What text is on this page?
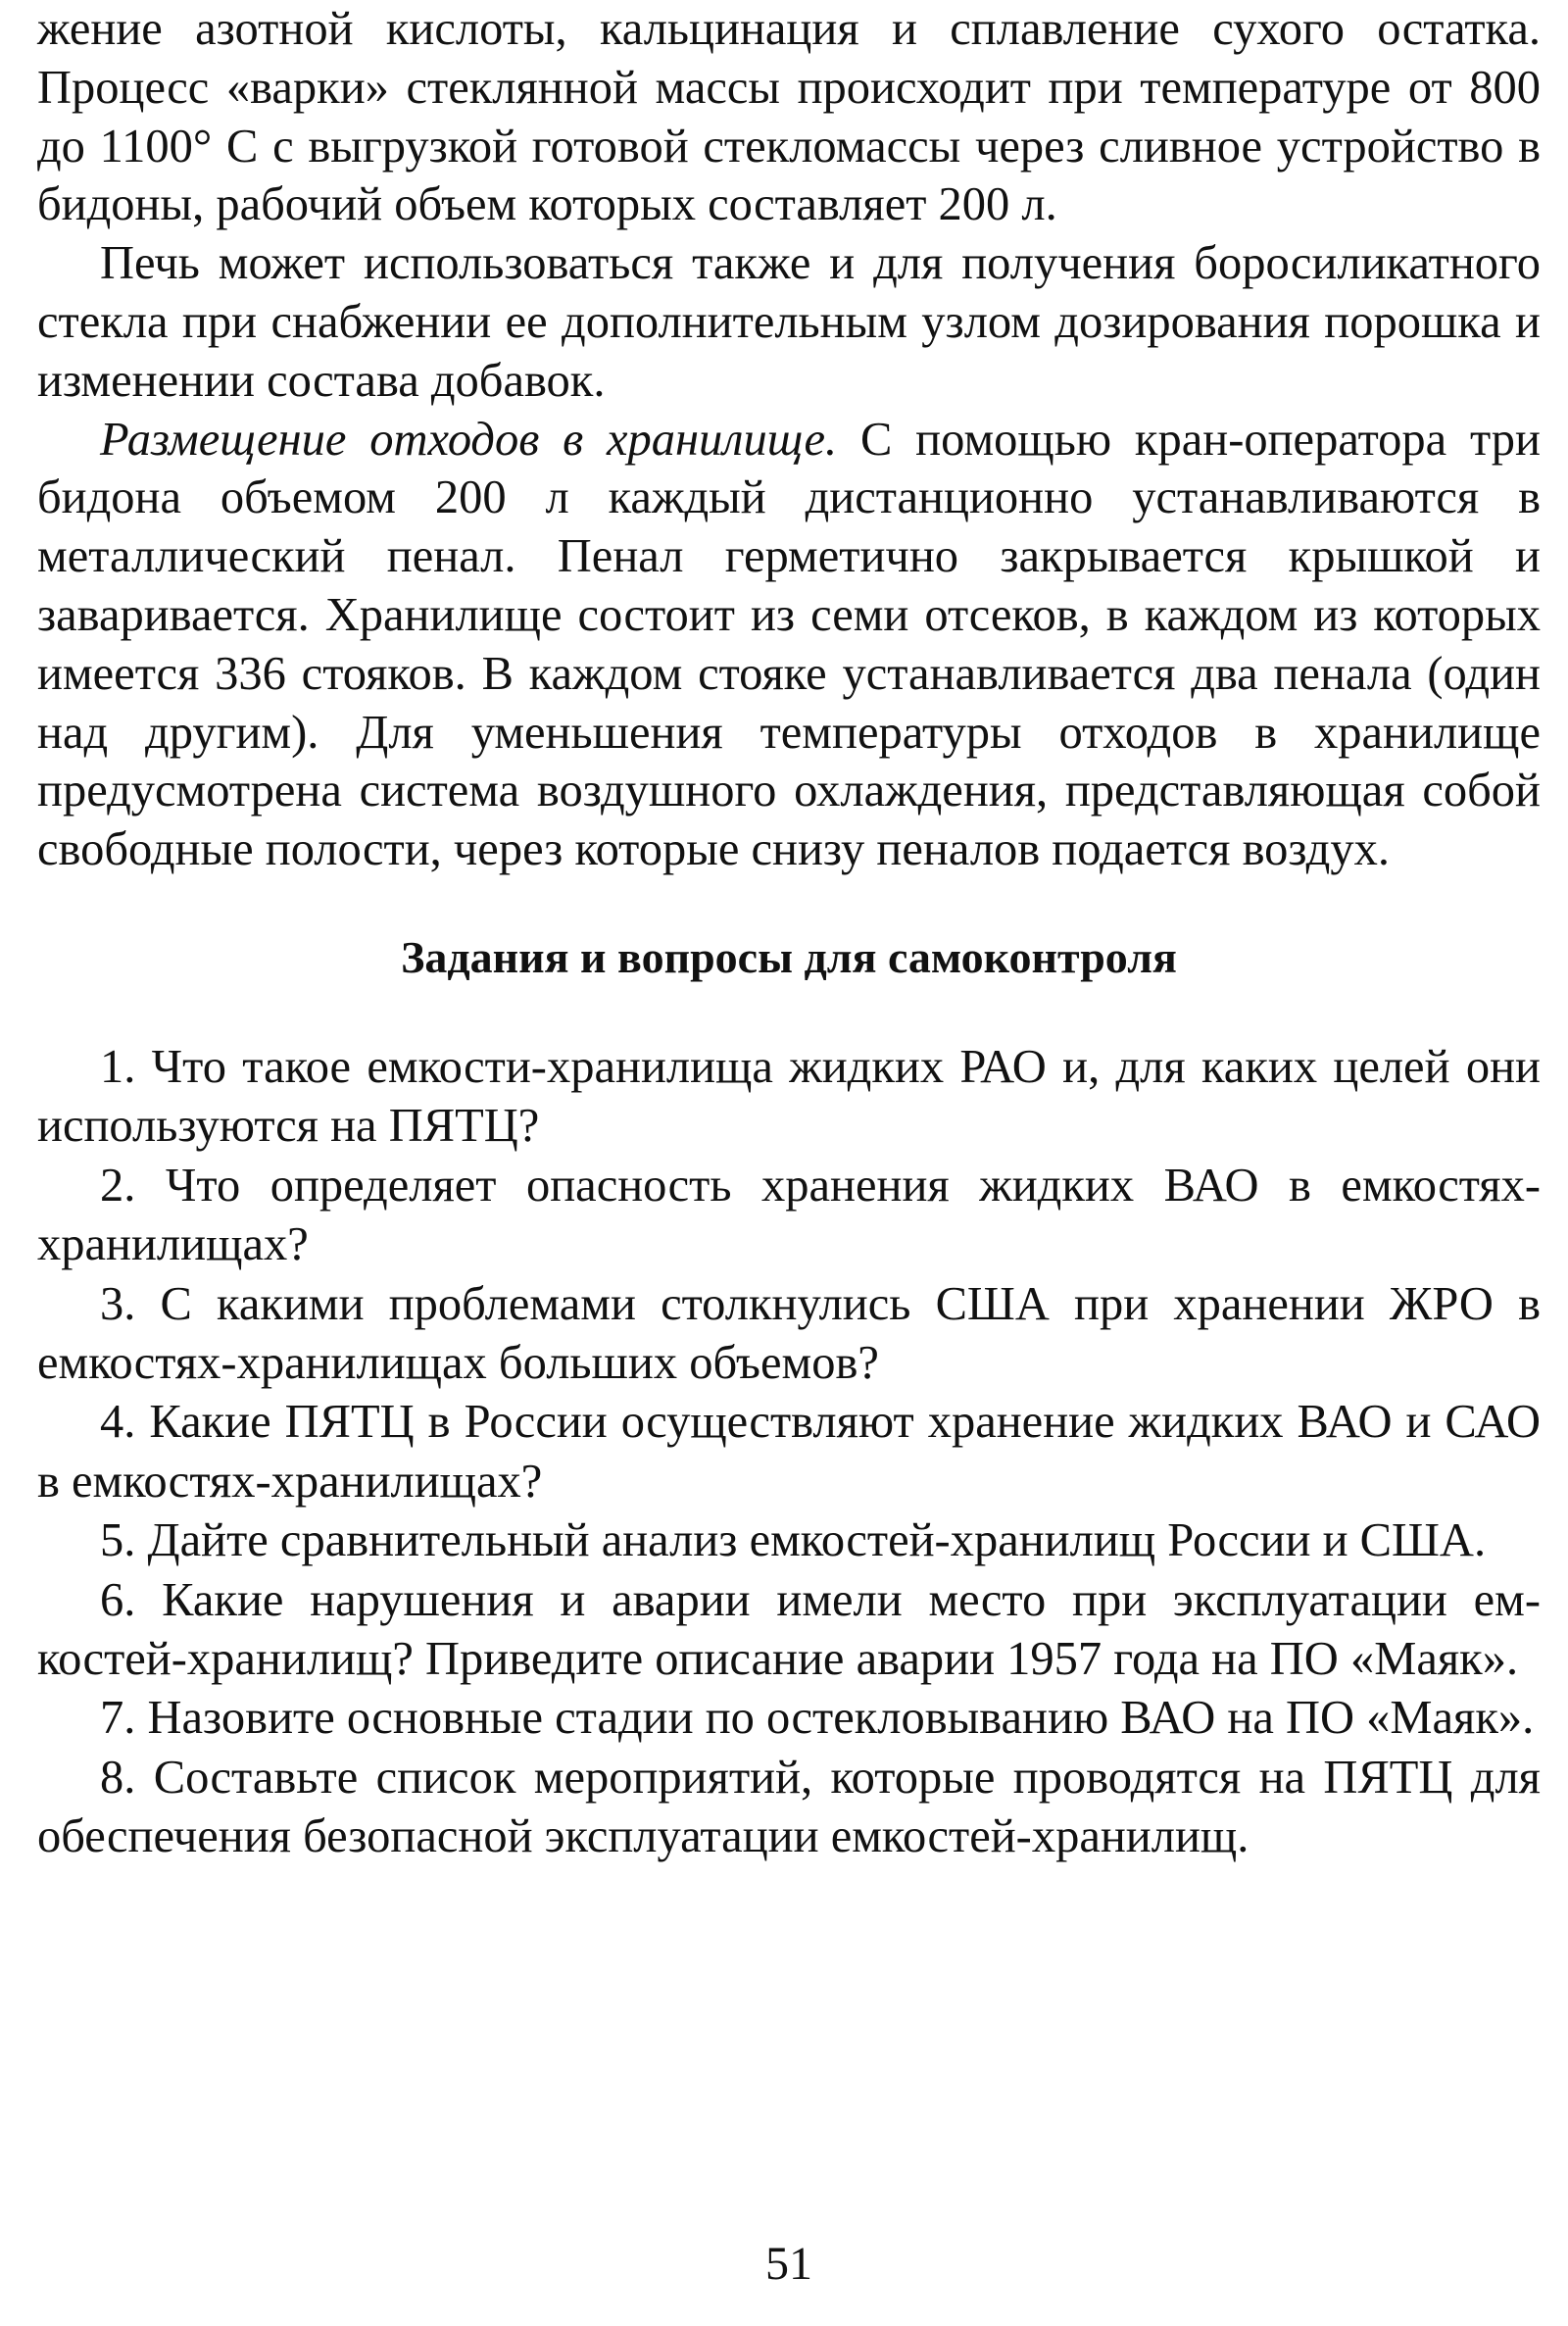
жение азотной кислоты, кальцинация и сплавление сухого остатка. Процесс «варки» стеклянной массы происходит при температуре от 800 до 1100° С с выгрузкой готовой стекломассы через сливное устройство в бидоны, рабочий объем которых составляет 200 л.

Печь может использоваться также и для получения боросиликатного стекла при снабжении ее дополнительным узлом дозирования порошка и изменении состава добавок.

Размещение отходов в хранилище. С помощью кран-оператора три бидона объемом 200 л каждый дистанционно устанавливаются в металлический пенал. Пенал герметично закрывается крышкой и заваривается. Хранилище состоит из семи отсеков, в каждом из которых имеется 336 стояков. В каждом стояке устанавливается два пенала (один над другим). Для уменьшения температуры отходов в хранилище предусмотрена система воздушного охлаждения, представляющая собой свободные полости, через которые снизу пеналов подается воздух.

Задания и вопросы для самоконтроля
1. Что такое емкости-хранилища жидких РАО и, для каких целей они используются на ПЯТЦ?
2. Что определяет опасность хранения жидких ВАО в емкостях-хранилищах?
3. С какими проблемами столкнулись США при хранении ЖРО в емкостях-хранилищах больших объемов?
4. Какие ПЯТЦ в России осуществляют хранение жидких ВАО и САО в емкостях-хранилищах?
5. Дайте сравнительный анализ емкостей-хранилищ России и США.
6. Какие нарушения и аварии имели место при эксплуатации емкостей-хранилищ? Приведите описание аварии 1957 года на ПО «Маяк».
7. Назовите основные стадии по остекловыванию ВАО на ПО «Маяк».
8. Составьте список мероприятий, которые проводятся на ПЯТЦ для обеспечения безопасной эксплуатации емкостей-хранилищ.
51
